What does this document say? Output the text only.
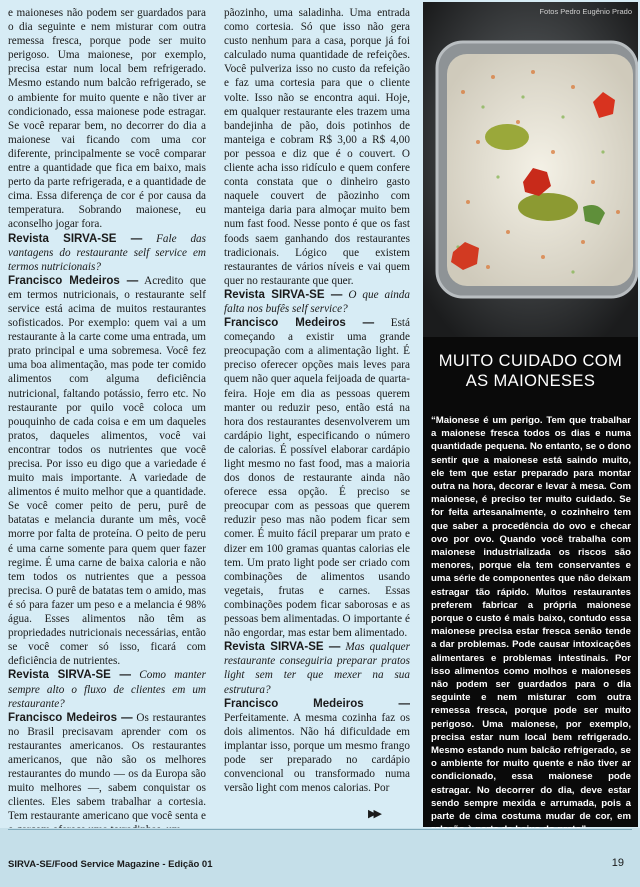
e maioneses não podem ser guardados para o dia seguinte e nem misturar com outra remessa fresca, porque pode ser muito perigoso. Uma maionese, por exemplo, precisa estar num local bem refrigerado. Mesmo estando num balcão refrigerado, se o ambiente for muito quente e não tiver ar condicionado, essa maionese pode estragar. Se você reparar bem, no decorrer do dia a maionese vai ficando com uma cor diferente, principalmente se você comparar entre a quantidade que fica em baixo, mais perto da parte refrigerada, e a quantidade de cima. Essa diferença de cor é por causa da temperatura. Sobrando maionese, eu aconselho jogar fora.

Revista SIRVA-SE — Fale das vantagens do restaurante self service em termos nutricionais?

Francisco Medeiros — Acredito que em termos nutricionais, o restaurante self service está acima de muitos restaurantes sofisticados. Por exemplo: quem vai a um restaurante à la carte come uma entrada, um prato principal e uma sobremesa. Você fez uma boa alimentação, mas pode ter comido alimentos com alguma deficiência nutricional, faltando potássio, ferro etc. No restaurante por quilo você coloca um pouquinho de cada coisa e em um daqueles pratos, daqueles alimentos, você vai encontrar todos os nutrientes que você precisa. Por isso eu digo que a variedade é muito mais importante. A variedade de alimentos é muito melhor que a quantidade. Se você comer peito de peru, purê de batatas e melancia durante um mês, você morre por falta de proteína. O peito de peru é uma carne somente para quem quer fazer regime. É uma carne de baixa caloria e não tem todos os nutrientes que a pessoa precisa. O purê de batatas tem o amido, mas é só para fazer um peso e a melancia é 98% água. Esses alimentos não têm as propriedades nutricionais necessárias, então se você comer só isso, ficará com deficiência de nutrientes.

Revista SIRVA-SE — Como manter sempre alto o fluxo de clientes em um restaurante?

Francisco Medeiros — Os restaurantes no Brasil precisavam aprender com os restaurantes americanos. Os restaurantes americanos, que não são os melhores restaurantes do mundo — os da Europa são muito melhores —, sabem conquistar os clientes. Eles sabem trabalhar a cortesia. Tem restaurante americano que você senta e

pãozinho, uma saladinha. Uma entrada como cortesia. Só que isso não gera custo nenhum para a casa, porque já foi calculado numa quantidade de refeições. Você pulveriza isso no custo da refeição e faz uma cortesia para que o cliente volte. Isso não se encontra aqui. Hoje, em qualquer restaurante eles trazem uma bandejinha de pão, dois potinhos de manteiga e cobram R$ 3,00 a R$ 4,00 por pessoa e diz que é o couvert. O cliente acha isso ridículo e quem confere conta constata que o dinheiro gasto naquele couvert de pãozinho com manteiga daria para almoçar muito bem num fast food. Nesse ponto é que os fast foods saem ganhando dos restaurantes tradicionais. Lógico que existem restaurantes de vários níveis e vai quem quer no restaurante que quer.

Revista SIRVA-SE — O que ainda falta nos bufês self service?

Francisco Medeiros — Está começando a existir uma grande preocupação com a alimentação light. É preciso oferecer opções mais leves para quem não quer aquela feijoada de quarta-feira. Hoje em dia as pessoas querem manter ou reduzir peso, então está na hora dos restaurantes desenvolverem um cardápio light, especificando o número de calorias. É possível elaborar cardápio light mesmo no fast food, mas a maioria dos donos de restaurante ainda não oferece essa opção. É preciso se preocupar com as pessoas que querem reduzir peso mas não podem ficar sem comer. É muito fácil preparar um prato e dizer em 100 gramas quantas calorias ele tem. Um prato light pode ser criado com combinações de alimentos usando vegetais, frutas e carnes. Essas combinações podem ficar saborosas e as pessoas bem alimentadas. O importante é não engordar, mas estar bem alimentado.

Revista SIRVA-SE — Mas qualquer restaurante conseguiria preparar pratos light sem ter que mexer na sua estrutura?

Francisco Medeiros — Perfeitamente. A mesma cozinha faz os dois alimentos. Não há dificuldade em implantar isso, porque um mesmo frango pode ser preparado no cardápio convencional ou transformado numa versão light com menos calorias. Por

▶▶
Fotos Pedro Eugênio Prado
MUITO CUIDADO COM
AS MAIONESES
“Maionese é um perigo. Tem que trabalhar a maionese fresca todos os dias e numa quantidade pequena. No entanto, se o dono sentir que a maionese está saindo muito, ele tem que estar preparado para montar outra na hora, decorar e levar à mesa. Com maionese, é preciso ter muito cuidado. Se for feita artesanalmente, o cozinheiro tem que saber a procedência do ovo e checar ovo por ovo. Quando você trabalha com maionese industrializada os riscos são menores, porque ela tem conservantes e uma série de componentes que não deixam estragar tão rápido. Muitos restaurantes preferem fabricar a própria maionese porque o custo é mais baixo, contudo essa maionese precisa estar fresca senão tende a dar problemas. Pode causar intoxicações alimentares e problemas intestinais. Por isso alimentos como molhos e maioneses não podem ser guardados para o dia seguinte e nem misturar com outra remessa fresca, porque pode ser muito perigoso. Uma maionese, por exemplo, precisa estar num local bem refrigerado. Mesmo estando num balcão refrigerado, se o ambiente for muito quente e não tiver ar condicionado, essa maionese pode estragar. No decorrer do dia, deve estar sendo sempre mexida e arrumada, pois a parte de cima costuma mudar de cor, em
SIRVA-SE/Food Service Magazine - Edição 01	19
